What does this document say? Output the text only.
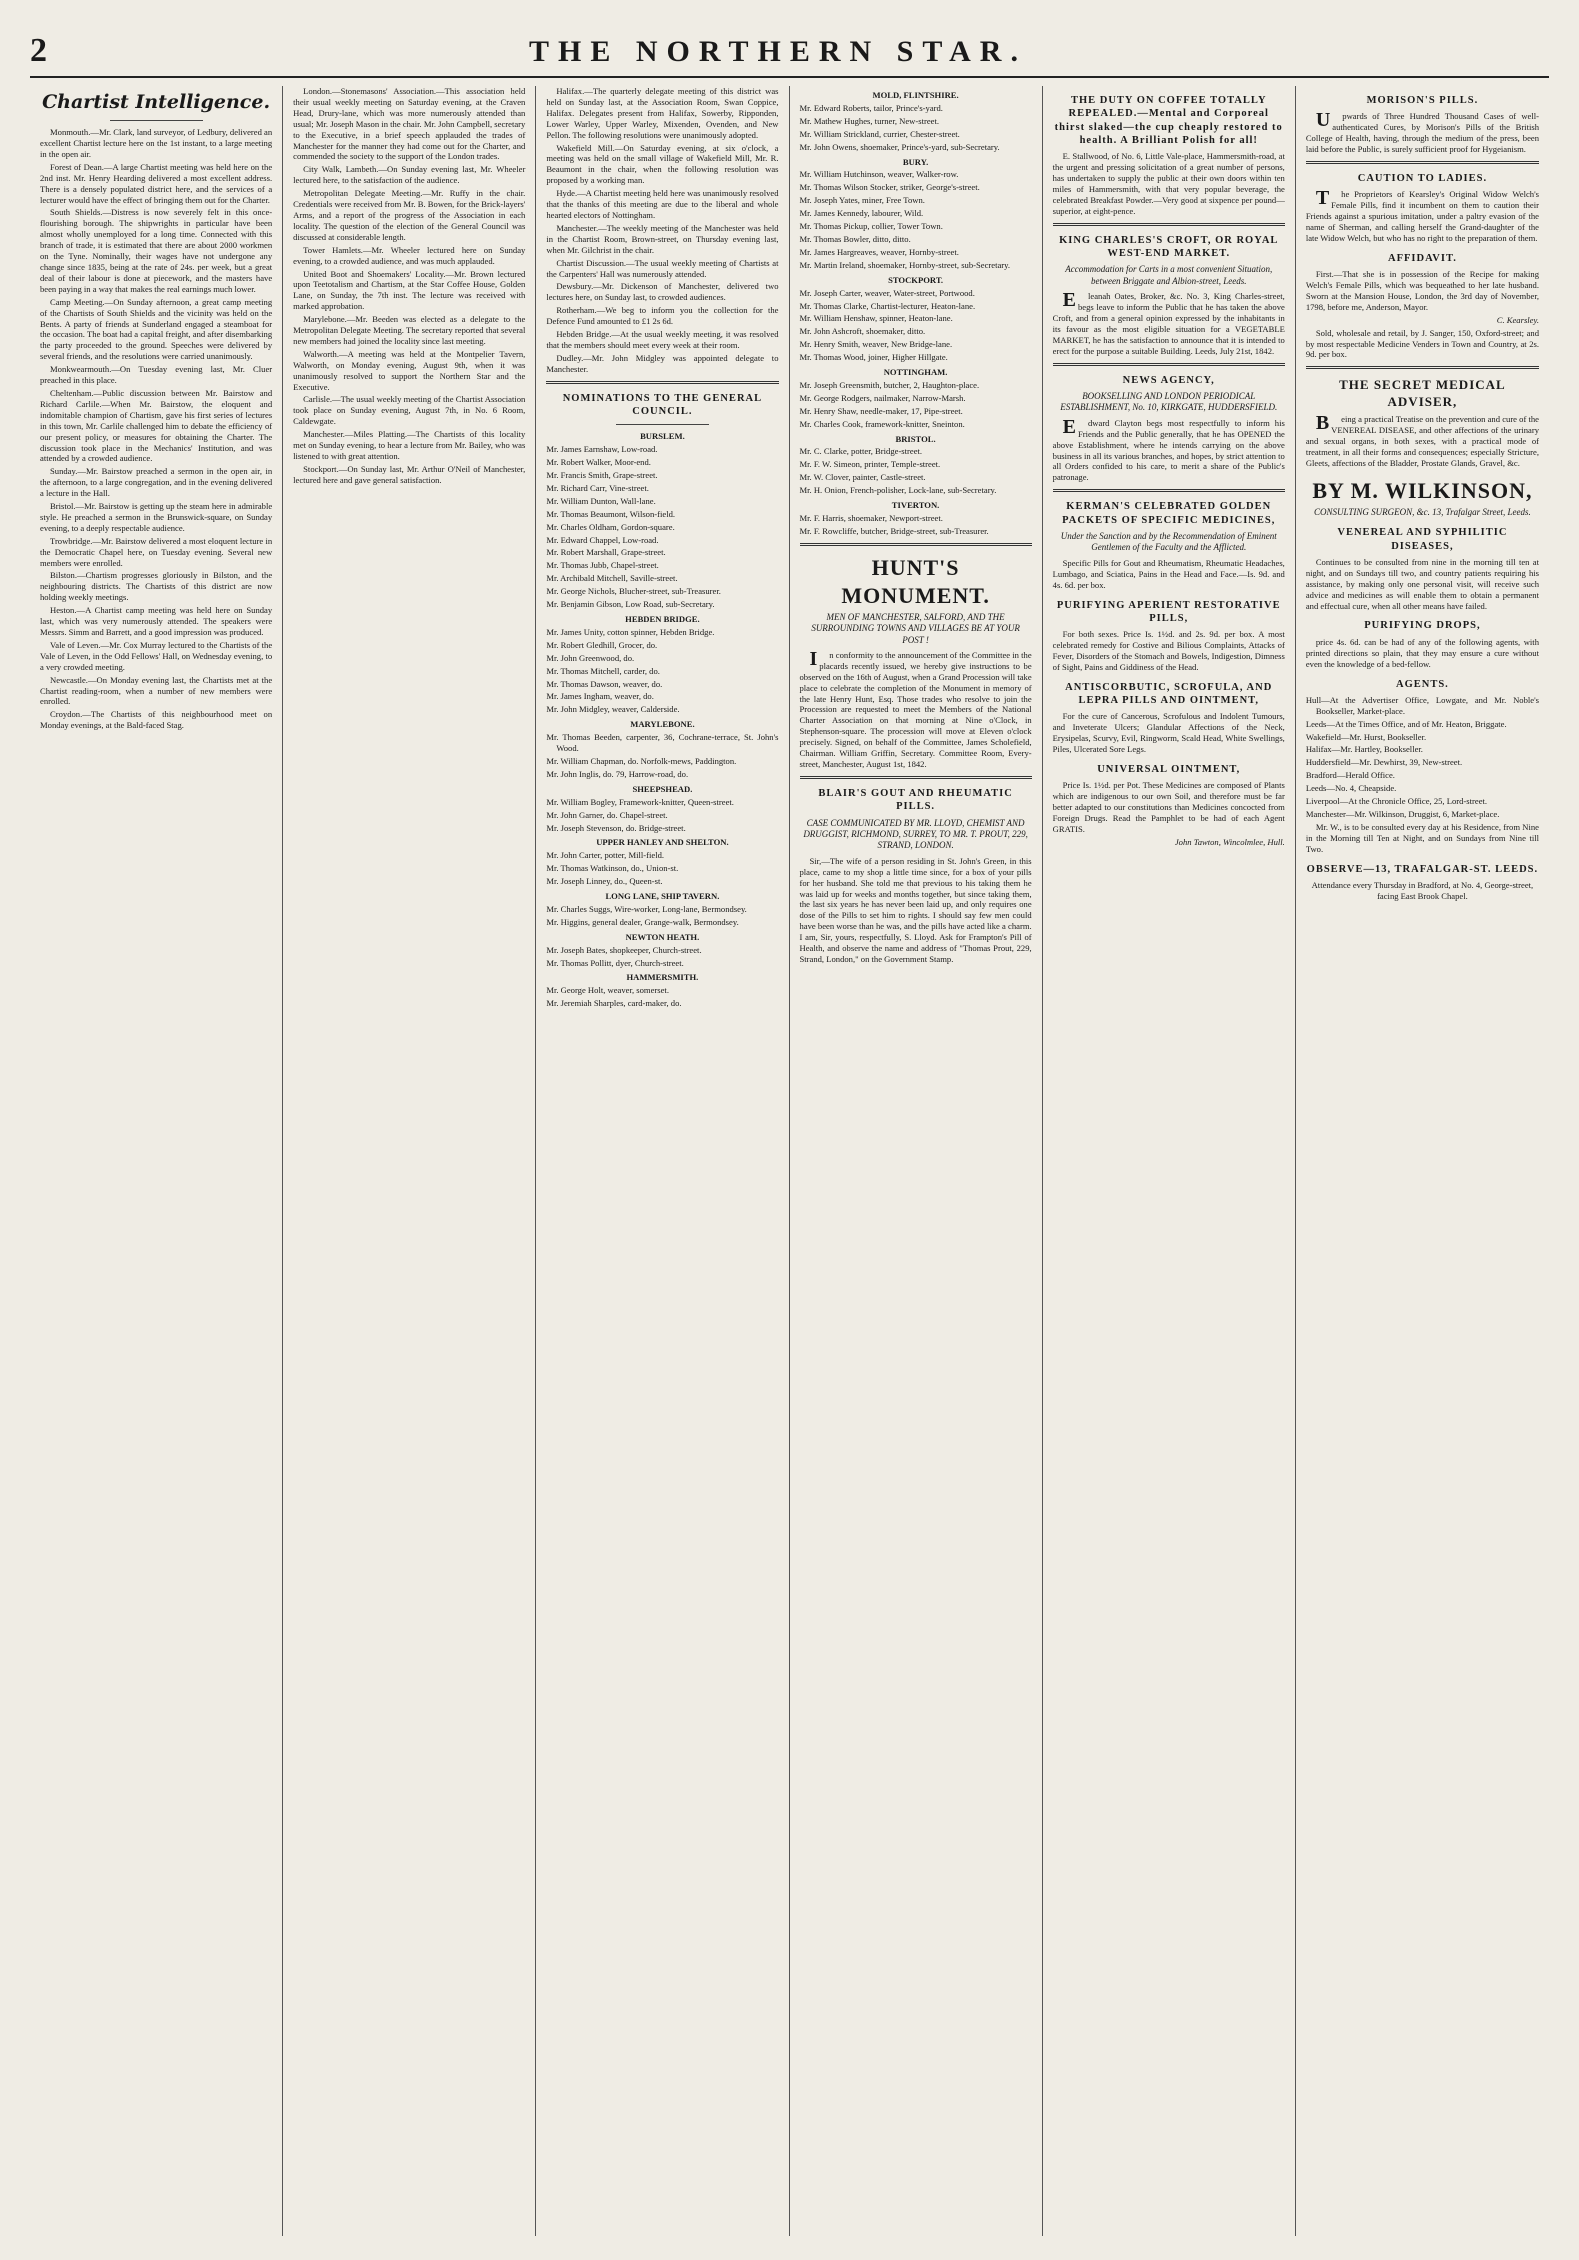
2	THE NORTHERN STAR.
Chartist Intelligence.

Monmouth.—Mr. Clark, land surveyor, of Ledbury, delivered an excellent Chartist lecture here on the 1st instant, to a large meeting in the open air.

Forest of Dean.—A large Chartist meeting was held here on the 2nd inst. Mr. Henry Hearding delivered a most excellent address. There is a densely populated district here, and the services of a lecturer would have the effect of bringing them out for the Charter.

South Shields.—Distress is now severely felt in this once-flourishing borough. The shipwrights in particular have been almost wholly unemployed for a long time. Connected with this branch of trade, it is estimated that there are about 2000 workmen on the Tyne. Nominally, their wages have not undergone any change since 1835, being at the rate of 24s. per week, but a great deal of their labour is done at piecework, and the masters have been paying in a way that makes the real earnings much lower.

Camp Meeting.—On Sunday afternoon, a great camp meeting of the Chartists of South Shields and the vicinity was held on the Bents. A party of friends at Sunderland engaged a steamboat for the occasion. The boat had a capital freight, and after disembarking the party proceeded to the ground. Speeches were delivered by several friends, and the resolutions were carried unanimously.

Monkwearmouth.—On Tuesday evening last, Mr. Cluer preached in this place.

Cheltenham.—Public discussion between Mr. Bairstow and Richard Carlile.—When Mr. Bairstow, the eloquent and indomitable champion of Chartism, gave his first series of lectures in this town, Mr. Carlile challenged him to debate the efficiency of our present policy, or measures for obtaining the Charter. The discussion took place in the Mechanics' Institution, and was attended by a crowded audience.

Sunday.—Mr. Bairstow preached a sermon in the open air, in the afternoon, to a large congregation, and in the evening delivered a lecture in the Hall.

Bristol.—Mr. Bairstow is getting up the steam here in admirable style. He preached a sermon in the Brunswick-square, on Sunday evening, to a deeply respectable audience.

Trowbridge.—Mr. Bairstow delivered a most eloquent lecture in the Democratic Chapel here, on Tuesday evening. Several new members were enrolled.

Bilston.—Chartism progresses gloriously in Bilston, and the neighbouring districts. The Chartists of this district are now holding weekly meetings.

Heston.—A Chartist camp meeting was held here on Sunday last, which was very numerously attended. The speakers were Messrs. Simm and Barrett, and a good impression was produced.

Vale of Leven.—Mr. Cox Murray lectured to the Chartists of the Vale of Leven, in the Odd Fellows' Hall, on Wednesday evening, to a very crowded meeting.

Newcastle.—On Monday evening last, the Chartists met at the Chartist reading-room, when a number of new members were enrolled.

Croydon.—The Chartists of this neighbourhood meet on Monday evenings, at the Bald-faced Stag.

London.—Stonemasons' Association.—This association held their usual weekly meeting on Saturday evening, at the Craven Head, Drury-lane, which was more numerously attended than usual; Mr. Joseph Mason in the chair. Mr. John Campbell, secretary to the Executive, in a brief speech applauded the trades of Manchester for the manner they had come out for the Charter, and commended the society to the support of the London trades.

City Walk, Lambeth.—On Sunday evening last, Mr. Wheeler lectured here, to the satisfaction of the audience.

Metropolitan Delegate Meeting.—Mr. Ruffy in the chair. Credentials were received from Mr. B. Bowen, for the Brick-layers' Arms, and a report of the progress of the Association in each locality. The question of the election of the General Council was discussed at considerable length.

Tower Hamlets.—Mr. Wheeler lectured here on Sunday evening, to a crowded audience, and was much applauded.

United Boot and Shoemakers' Locality.—Mr. Brown lectured upon Teetotalism and Chartism, at the Star Coffee House, Golden Lane, on Sunday, the 7th inst. The lecture was received with marked approbation.

Marylebone.—Mr. Beeden was elected as a delegate to the Metropolitan Delegate Meeting. The secretary reported that several new members had joined the locality since last meeting.

Walworth.—A meeting was held at the Montpelier Tavern, Walworth, on Monday evening, August 9th, when it was unanimously resolved to support the Northern Star and the Executive.

Carlisle.—The usual weekly meeting of the Chartist Association took place on Sunday evening, August 7th, in No. 6 Room, Caldewgate.

Manchester.—Miles Platting.—The Chartists of this locality met on Sunday evening, to hear a lecture from Mr. Bailey, who was listened to with great attention.

Stockport.—On Sunday last, Mr. Arthur O'Neil of Manchester, lectured here and gave general satisfaction.

Halifax.—The quarterly delegate meeting of this district was held on Sunday last, at the Association Room, Swan Coppice, Halifax. Delegates present from Halifax, Sowerby, Ripponden, Lower Warley, Upper Warley, Mixenden, Ovenden, and New Pellon. The following resolutions were unanimously adopted.

Wakefield Mill.—On Saturday evening, at six o'clock, a meeting was held on the small village of Wakefield Mill, Mr. R. Beaumont in the chair, when the following resolution was proposed by a working man.

Hyde.—A Chartist meeting held here was unanimously resolved that the thanks of this meeting are due to the liberal and whole hearted electors of Nottingham.

Manchester.—The weekly meeting of the Manchester was held in the Chartist Room, Brown-street, on Thursday evening last, when Mr. Gilchrist in the chair.

Chartist Discussion.—The usual weekly meeting of Chartists at the Carpenters' Hall was numerously attended.

Dewsbury.—Mr. Dickenson of Manchester, delivered two lectures here, on Sunday last, to crowded audiences.

Rotherham.—We beg to inform you the collection for the Defence Fund amounted to £1 2s 6d.

Hebden Bridge.—At the usual weekly meeting, it was resolved that the members should meet every week at their room.

Dudley.—Mr. John Midgley was appointed delegate to Manchester.

NOMINATIONS TO THE GENERAL COUNCIL.

BURSLEM.

Mr. James Earnshaw, Low-road.

Mr. Robert Walker, Moor-end.

Mr. Francis Smith, Grape-street.

Mr. Richard Carr, Vine-street.

Mr. William Dunton, Wall-lane.

Mr. Thomas Beaumont, Wilson-field.

Mr. Charles Oldham, Gordon-square.

Mr. Edward Chappel, Low-road.

Mr. Robert Marshall, Grape-street.

Mr. Thomas Jubb, Chapel-street.

Mr. Archibald Mitchell, Saville-street.

Mr. George Nichols, Blucher-street, sub-Treasurer.

Mr. Benjamin Gibson, Low Road, sub-Secretary.

HEBDEN BRIDGE.

Mr. James Unity, cotton spinner, Hebden Bridge.

Mr. Robert Gledhill, Grocer, do.

Mr. John Greenwood, do.

Mr. Thomas Mitchell, carder, do.

Mr. Thomas Dawson, weaver, do.

Mr. James Ingham, weaver, do.

Mr. John Midgley, weaver, Calderside.

MARYLEBONE.

Mr. Thomas Beeden, carpenter, 36, Cochrane-terrace, St. John's Wood.

Mr. William Chapman, do. Norfolk-mews, Paddington.

Mr. John Inglis, do. 79, Harrow-road, do.

SHEEPSHEAD.

Mr. William Bogley, Framework-knitter, Queen-street.

Mr. John Garner, do. Chapel-street.

Mr. Joseph Stevenson, do. Bridge-street.

UPPER HANLEY AND SHELTON.

Mr. John Carter, potter, Mill-field.

Mr. Thomas Watkinson, do., Union-st.

Mr. Joseph Linney, do., Queen-st.

LONG LANE, SHIP TAVERN.

Mr. Charles Suggs, Wire-worker, Long-lane, Bermondsey.

Mr. Higgins, general dealer, Grange-walk, Bermondsey.

NEWTON HEATH.

Mr. Joseph Bates, shopkeeper, Church-street.

Mr. Thomas Pollitt, dyer, Church-street.

HAMMERSMITH.

Mr. George Holt, weaver, somerset.

Mr. Jeremiah Sharples, card-maker, do.

MOLD, FLINTSHIRE.

Mr. Edward Roberts, tailor, Prince's-yard.

Mr. Mathew Hughes, turner, New-street.

Mr. William Strickland, currier, Chester-street.

Mr. John Owens, shoemaker, Prince's-yard, sub-Secretary.

BURY.

Mr. William Hutchinson, weaver, Walker-row.

Mr. Thomas Wilson Stocker, striker, George's-street.

Mr. Joseph Yates, miner, Free Town.

Mr. James Kennedy, labourer, Wild.

Mr. Thomas Pickup, collier, Tower Town.

Mr. Thomas Bowler, ditto, ditto.

Mr. James Hargreaves, weaver, Hornby-street.

Mr. Martin Ireland, shoemaker, Hornby-street, sub-Secretary.

STOCKPORT.

Mr. Joseph Carter, weaver, Water-street, Portwood.

Mr. Thomas Clarke, Chartist-lecturer, Heaton-lane.

Mr. William Henshaw, spinner, Heaton-lane.

Mr. John Ashcroft, shoemaker, ditto.

Mr. Henry Smith, weaver, New Bridge-lane.

Mr. Thomas Wood, joiner, Higher Hillgate.

NOTTINGHAM.

Mr. Joseph Greensmith, butcher, 2, Haughton-place.

Mr. George Rodgers, nailmaker, Narrow-Marsh.

Mr. Henry Shaw, needle-maker, 17, Pipe-street.

Mr. Charles Cook, framework-knitter, Sneinton.

BRISTOL.

Mr. C. Clarke, potter, Bridge-street.

Mr. F. W. Simeon, printer, Temple-street.

Mr. W. Clover, painter, Castle-street.

Mr. H. Onion, French-polisher, Lock-lane, sub-Secretary.

TIVERTON.

Mr. F. Harris, shoemaker, Newport-street.

Mr. F. Rowcliffe, butcher, Bridge-street, sub-Treasurer.

HUNT'S MONUMENT.
MEN OF MANCHESTER, SALFORD, AND THE SURROUNDING TOWNS AND VILLAGES BE AT YOUR POST !

In conformity to the announcement of the Committee in the placards recently issued, we hereby give instructions to be observed on the 16th of August, when a Grand Procession will take place to celebrate the completion of the Monument in memory of the late Henry Hunt, Esq. Those trades who resolve to join the Procession are requested to meet the Members of the National Charter Association on that morning at Nine o'Clock, in Stephenson-square. The procession will move at Eleven o'clock precisely. Signed, on behalf of the Committee, James Scholefield, Chairman. William Griffin, Secretary. Committee Room, Every-street, Manchester, August 1st, 1842.

BLAIR'S GOUT AND RHEUMATIC PILLS.
CASE COMMUNICATED BY MR. LLOYD, CHEMIST AND DRUGGIST, RICHMOND, SURREY, TO MR. T. PROUT, 229, STRAND, LONDON.

Sir,—The wife of a person residing in St. John's Green, in this place, came to my shop a little time since, for a box of your pills for her husband. She told me that previous to his taking them he was laid up for weeks and months together, but since taking them, the last six years he has never been laid up, and only requires one dose of the Pills to set him to rights. I should say few men could have been worse than he was, and the pills have acted like a charm. I am, Sir, yours, respectfully, S. Lloyd. Ask for Frampton's Pill of Health, and observe the name and address of "Thomas Prout, 229, Strand, London," on the Government Stamp.

THE DUTY ON COFFEE TOTALLY REPEALED.—Mental and Corporeal thirst slaked—the cup cheaply restored to health. A Brilliant Polish for all!

E. Stallwood, of No. 6, Little Vale-place, Hammersmith-road, at the urgent and pressing solicitation of a great number of persons, has undertaken to supply the public at their own doors within ten miles of Hammersmith, with that very popular beverage, the celebrated Breakfast Powder.—Very good at sixpence per pound—superior, at eight-pence.

KING CHARLES'S CROFT, OR ROYAL WEST-END MARKET.
Accommodation for Carts in a most convenient Situation, between Briggate and Albion-street, Leeds.

Eleanah Oates, Broker, &c. No. 3, King Charles-street, begs leave to inform the Public that he has taken the above Croft, and from a general opinion expressed by the inhabitants in its favour as the most eligible situation for a VEGETABLE MARKET, he has the satisfaction to announce that it is intended to erect for the purpose a suitable Building. Leeds, July 21st, 1842.

NEWS AGENCY,
BOOKSELLING AND LONDON PERIODICAL ESTABLISHMENT, No. 10, KIRKGATE, HUDDERSFIELD.

Edward Clayton begs most respectfully to inform his Friends and the Public generally, that he has OPENED the above Establishment, where he intends carrying on the above business in all its various branches, and hopes, by strict attention to all Orders confided to his care, to merit a share of the Public's patronage.

KERMAN'S CELEBRATED GOLDEN PACKETS OF SPECIFIC MEDICINES,
Under the Sanction and by the Recommendation of Eminent Gentlemen of the Faculty and the Afflicted.

Specific Pills for Gout and Rheumatism, Rheumatic Headaches, Lumbago, and Sciatica, Pains in the Head and Face.—Is. 9d. and 4s. 6d. per box.

PURIFYING APERIENT RESTORATIVE PILLS,

For both sexes. Price Is. 1½d. and 2s. 9d. per box. A most celebrated remedy for Costive and Bilious Complaints, Attacks of Fever, Disorders of the Stomach and Bowels, Indigestion, Dimness of Sight, Pains and Giddiness of the Head.

ANTISCORBUTIC, SCROFULA, AND LEPRA PILLS AND OINTMENT,

For the cure of Cancerous, Scrofulous and Indolent Tumours, and Inveterate Ulcers; Glandular Affections of the Neck, Erysipelas, Scurvy, Evil, Ringworm, Scald Head, White Swellings, Piles, Ulcerated Sore Legs.

UNIVERSAL OINTMENT,

Price Is. 1½d. per Pot. These Medicines are composed of Plants which are indigenous to our own Soil, and therefore must be far better adapted to our constitutions than Medicines concocted from Foreign Drugs. Read the Pamphlet to be had of each Agent GRATIS.

John Tawton, Wincolmlee, Hull.

MORISON'S PILLS.

Upwards of Three Hundred Thousand Cases of well-authenticated Cures, by Morison's Pills of the British College of Health, having, through the medium of the press, been laid before the Public, is surely sufficient proof for Hygeianism.

CAUTION TO LADIES.

The Proprietors of Kearsley's Original Widow Welch's Female Pills, find it incumbent on them to caution their Friends against a spurious imitation, under a paltry evasion of the name of Sherman, and calling herself the Grand-daughter of the late Widow Welch, but who has no right to the preparation of them.

AFFIDAVIT.

First.—That she is in possession of the Recipe for making Welch's Female Pills, which was bequeathed to her late husband. Sworn at the Mansion House, London, the 3rd day of November, 1798, before me, Anderson, Mayor.

C. Kearsley.

Sold, wholesale and retail, by J. Sanger, 150, Oxford-street; and by most respectable Medicine Venders in Town and Country, at 2s. 9d. per box.

THE SECRET MEDICAL ADVISER,

Being a practical Treatise on the prevention and cure of the VENEREAL DISEASE, and other affections of the urinary and sexual organs, in both sexes, with a practical mode of treatment, in all their forms and consequences; especially Stricture, Gleets, affections of the Bladder, Prostate Glands, Gravel, &c.

BY M. WILKINSON,
CONSULTING SURGEON, &c. 13, Trafalgar Street, Leeds.
VENEREAL AND SYPHILITIC DISEASES,

Continues to be consulted from nine in the morning till ten at night, and on Sundays till two, and country patients requiring his assistance, by making only one personal visit, will receive such advice and medicines as will enable them to obtain a permanent and effectual cure, when all other means have failed.

PURIFYING DROPS,

price 4s. 6d. can be had of any of the following agents, with printed directions so plain, that they may ensure a cure without even the knowledge of a bed-fellow.

AGENTS.

Hull—At the Advertiser Office, Lowgate, and Mr. Noble's Bookseller, Market-place.

Leeds—At the Times Office, and of Mr. Heaton, Briggate.

Wakefield—Mr. Hurst, Bookseller.

Halifax—Mr. Hartley, Bookseller.

Huddersfield—Mr. Dewhirst, 39, New-street.

Bradford—Herald Office.

Leeds—No. 4, Cheapside.

Liverpool—At the Chronicle Office, 25, Lord-street.

Manchester—Mr. Wilkinson, Druggist, 6, Market-place.

Mr. W., is to be consulted every day at his Residence, from Nine in the Morning till Ten at Night, and on Sundays from Nine till Two.

OBSERVE—13, TRAFALGAR-ST. LEEDS.

Attendance every Thursday in Bradford, at No. 4, George-street, facing East Brook Chapel.
